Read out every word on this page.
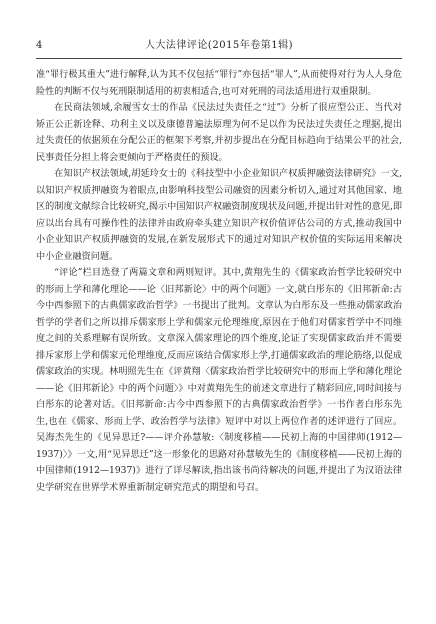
4	人大法律评论(2015年卷第1辑)

准“罪行极其重大”进行解释,认为其不仅包括“罪行”亦包括“罪人”,从而使得对行为人人身危险性的判断不仅与死刑限制适用的初衷相适合,也可对死刑的司法适用进行双重限制。

在民商法领域,余履雪女士的作品《民法过失责任之“过”》分析了很应型公正、当代对矫正公正新诠释、功利主义以及康德普遍法原理为何不足以作为民法过失责任之理据,提出过失责任的依据须在分配公正的框架下考察,并初步提出在分配目标趋向于结果公平的社会,民事责任分担上将会更倾向于严格责任的预设。

在知识产权法领域,胡延玲女士的《科技型中小企业知识产权质押融资法律研究》一文,以知识产权质押融资为着眼点,由影响科技型公司融资的因素分析切入,通过对其他国家、地区的制度文献综合比较研究,揭示中国知识产权融资制度现状及问题,并提出针对性的意见,即应以出台具有可操作性的法律并由政府牵头建立知识产权价值评估公司的方式,推动我国中小企业知识产权质押融资的发展,在新发展形式下的通过对知识产权价值的实际运用来解决中小企业融资问题。

“评论”栏目选登了两篇文章和两则短评。其中,黄翔先生的《儒家政治哲学比较研究中的形而上学和薄化理论——论〈旧邦新论〉中的两个问题》一文,就白彤东的《旧邦新命:古今中西参照下的古典儒家政治哲学》一书提出了批判。文章认为白彤东及一些推动儒家政治哲学的学者们之所以排斥儒家形上学和儒家元伦理维度,原因在于他们对儒家哲学中不同维度之间的关系理解有误所致。文章深入儒家理论的四个维度,论证了实现儒家政治并不需要排斥家形上学和儒家元伦理维度,反而应该结合儒家形上学,打通儒家政治的理论筋络,以促成儒家政治的实现。林明照先生在《评黄翔〈儒家政治哲学比较研究中的形而上学和薄化理论——论《旧邦新论》中的两个问题〉》中对黄翔先生的前述文章进行了精彩回应,同时间接与白彤东的论著对话。《旧邦新命:古今中西参照下的古典儒家政治哲学》一书作者白彤东先生,也在《儒家、形而上学、政治哲学与法律》短评中对以上两位作者的述评进行了回应。吴海杰先生的《见异思迁?——评介孙慧敏:〈制度移植——民初上海的中国律师(1912—1937)〉》一文,用“见异思迁”这一形象化的思路对孙慧敏先生的《制度移植——民初上海的中国律师(1912—1937)》进行了详尽解读,指出该书尚待解决的问题,并提出了为汉语法律史学研究在世界学术界重新制定研究范式的期望和号召。
